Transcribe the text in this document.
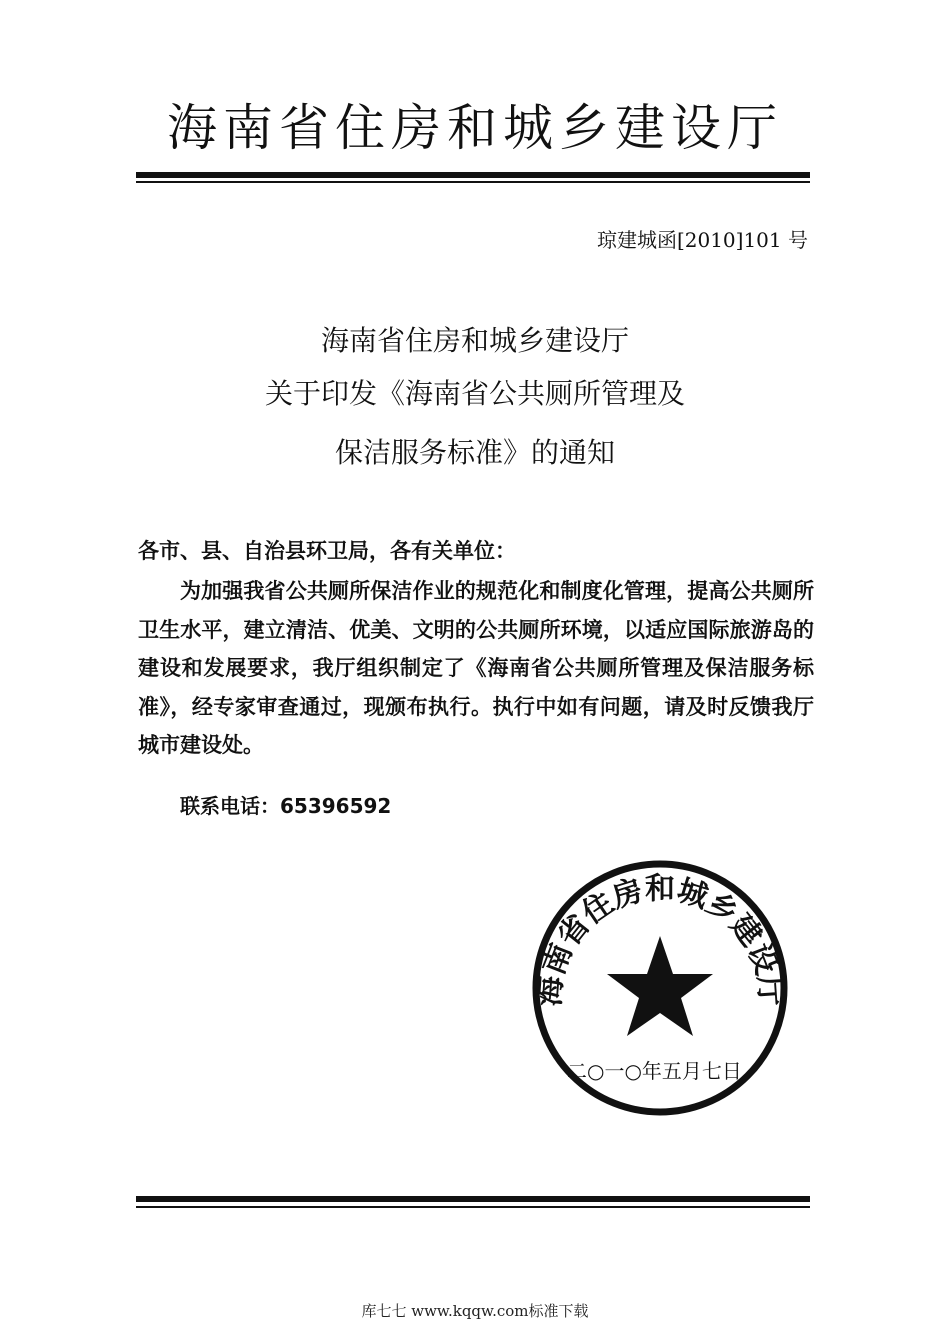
海南省住房和城乡建设厅
琼建城函[2010]101 号
海南省住房和城乡建设厅
关于印发《海南省公共厕所管理及
保洁服务标准》的通知
各市、县、自治县环卫局，各有关单位：
为加强我省公共厕所保洁作业的规范化和制度化管理，提高公共厕所卫生水平，建立清洁、优美、文明的公共厕所环境，以适应国际旅游岛的建设和发展要求，我厅组织制定了《海南省公共厕所管理及保洁服务标准》，经专家审查通过，现颁布执行。执行中如有问题，请及时反馈我厅城市建设处。
联系电话：65396592
二○一○年五月七日
海南省住房和城乡建设厅
库七七 www.kqqw.com标准下载
